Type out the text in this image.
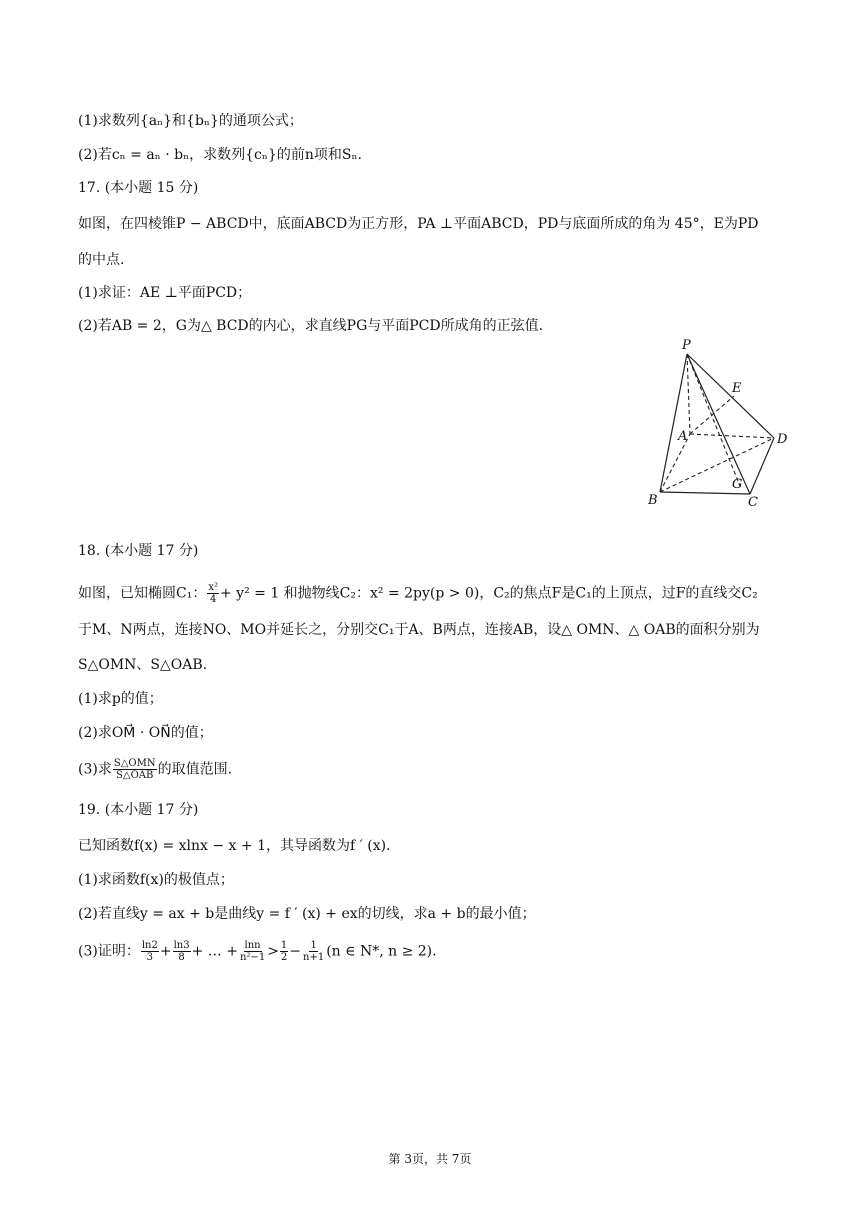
(1)求数列{aₙ}和{bₙ}的通项公式；
(2)若cₙ = aₙ · bₙ，求数列{cₙ}的前n项和Sₙ.
17. (本小题 15 分)
如图，在四棱锥P − ABCD中，底面ABCD为正方形，PA ⊥平面ABCD，PD与底面所成的角为 45°，E为PD
的中点.
(1)求证：AE ⊥平面PCD；
(2)若AB = 2，G为△ BCD的内心，求直线PG与平面PCD所成角的正弦值.
P
E
A	D
B
G
C
18. (本小题 17 分)
如图，已知椭圆C₁： $\frac{\text{x²}}{4} + y^2 = 1$ 和抛物线C₂：x² = 2py(p > 0)，C₂的焦点F是C₁的上顶点，过F的直线交C₂
于M、N两点，连接NO、MO并延长之，分别交C₁于A、B两点，连接AB，设△ OMN、△ OAB的面积分别为
S△OMN、S△OAB.
(1)求p的值；
(2)求OM⃗ · ON⃗的值；
(3)求 $\frac{\text{S△OMN}}{\text{S△OAB}}$ 的取值范围.
19. (本小题 17 分)
已知函数f(x) = xlnx − x + 1，其导函数为f ′ (x).
(1)求函数f(x)的极值点；
(2)若直线y = ax + b是曲线y = f ′ (x) + ex的切线，求a + b的最小值；
(3)证明： $\frac{\ln 2}{3} + \frac{\ln 3}{8}$ + … + $\frac{\ln n}{\text{n²−1}} > \frac{1}{2} - \frac{1}{n+1} (n$ ∈ N*, n ≥ 2).
第 3页，共 7页
